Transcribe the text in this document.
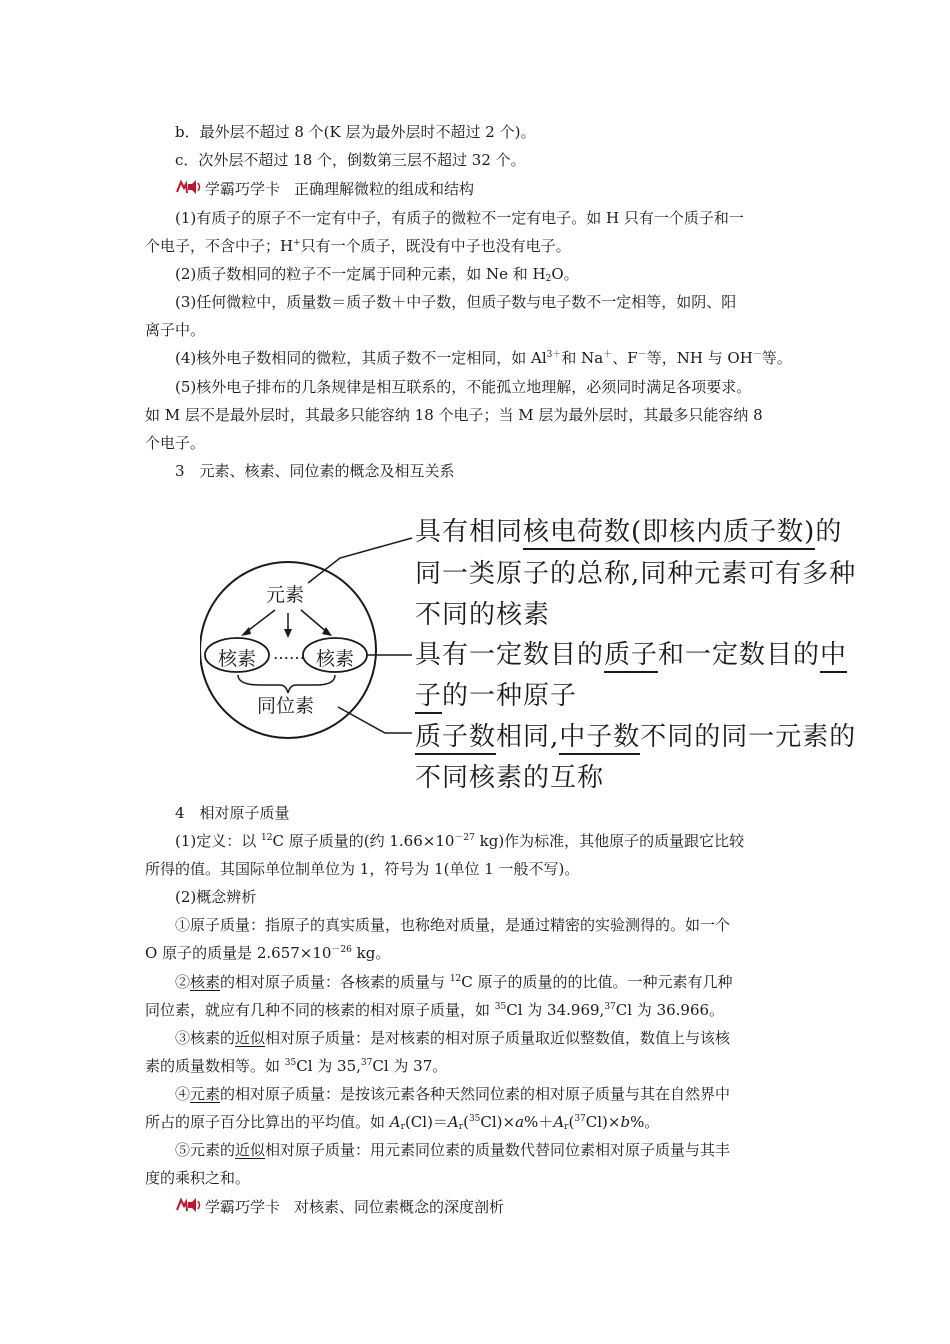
b．最外层不超过 8 个(K 层为最外层时不超过 2 个)。
c．次外层不超过 18 个，倒数第三层不超过 32 个。
学霸巧学卡 正确理解微粒的组成和结构
(1)有质子的原子不一定有中子，有质子的微粒不一定有电子。如 H 只有一个质子和一
个电子，不含中子；H+只有一个质子，既没有中子也没有电子。
(2)质子数相同的粒子不一定属于同种元素，如 Ne 和 $H_2O$。
(3)任何微粒中，质量数＝质子数＋中子数，但质子数与电子数不一定相等，如阴、阳
离子中。
(4)核外电子数相同的微粒，其质子数不一定相同，如 $Al^{3+}$和 Na＋、F－等，NH 与 OH－等。
(5)核外电子排布的几条规律是相互联系的，不能孤立地理解，必须同时满足各项要求。
如 M 层不是最外层时，其最多只能容纳 18 个电子；当 M 层为最外层时，其最多只能容纳 8
个电子。
3　元素、核素、同位素的概念及相互关系
元素
核素 …… 核素
同位素
具有相同核电荷数(即核内质子数)的
同一类原子的总称,同种元素可有多种
不同的核素
具有一定数目的质子和一定数目的中
子的一种原子
质子数相同,中子数不同的同一元素的
不同核素的互称
4　相对原子质量
(1)定义：以 $^{12}$C 原子质量的(约 $1.66\times 10^{-27}$ kg)作为标准，其他原子的质量跟它比较
所得的值。其国际单位制单位为 1，符号为 1(单位 1 一般不写)。
(2)概念辨析
①原子质量：指原子的真实质量，也称绝对质量，是通过精密的实验测得的。如一个
O 原子的质量是 $2.657\times 10^{-26}$ kg。
②核素的相对原子质量：各核素的质量与 $^{12}$C 原子的质量的的比值。一种元素有几种
同位素，就应有几种不同的核素的相对原子质量，如 $^{35}$Cl 为 34.969,37Cl 为 36.966。
③核素的近似相对原子质量：是对核素的相对原子质量取近似整数值，数值上与该核
素的质量数相等。如 $^{35}$Cl 为 35,37Cl 为 37。
④元素的相对原子质量：是按该元素各种天然同位素的相对原子质量与其在自然界中
所占的原子百分比算出的平均值。如 $A_r(Cl)=A_r(^{35}Cl)\times a\%+A_r(^{37}Cl)\times b\%$。
⑤元素的近似相对原子质量：用元素同位素的质量数代替同位素相对原子质量与其丰
度的乘积之和。
学霸巧学卡 对核素、同位素概念的深度剖析
